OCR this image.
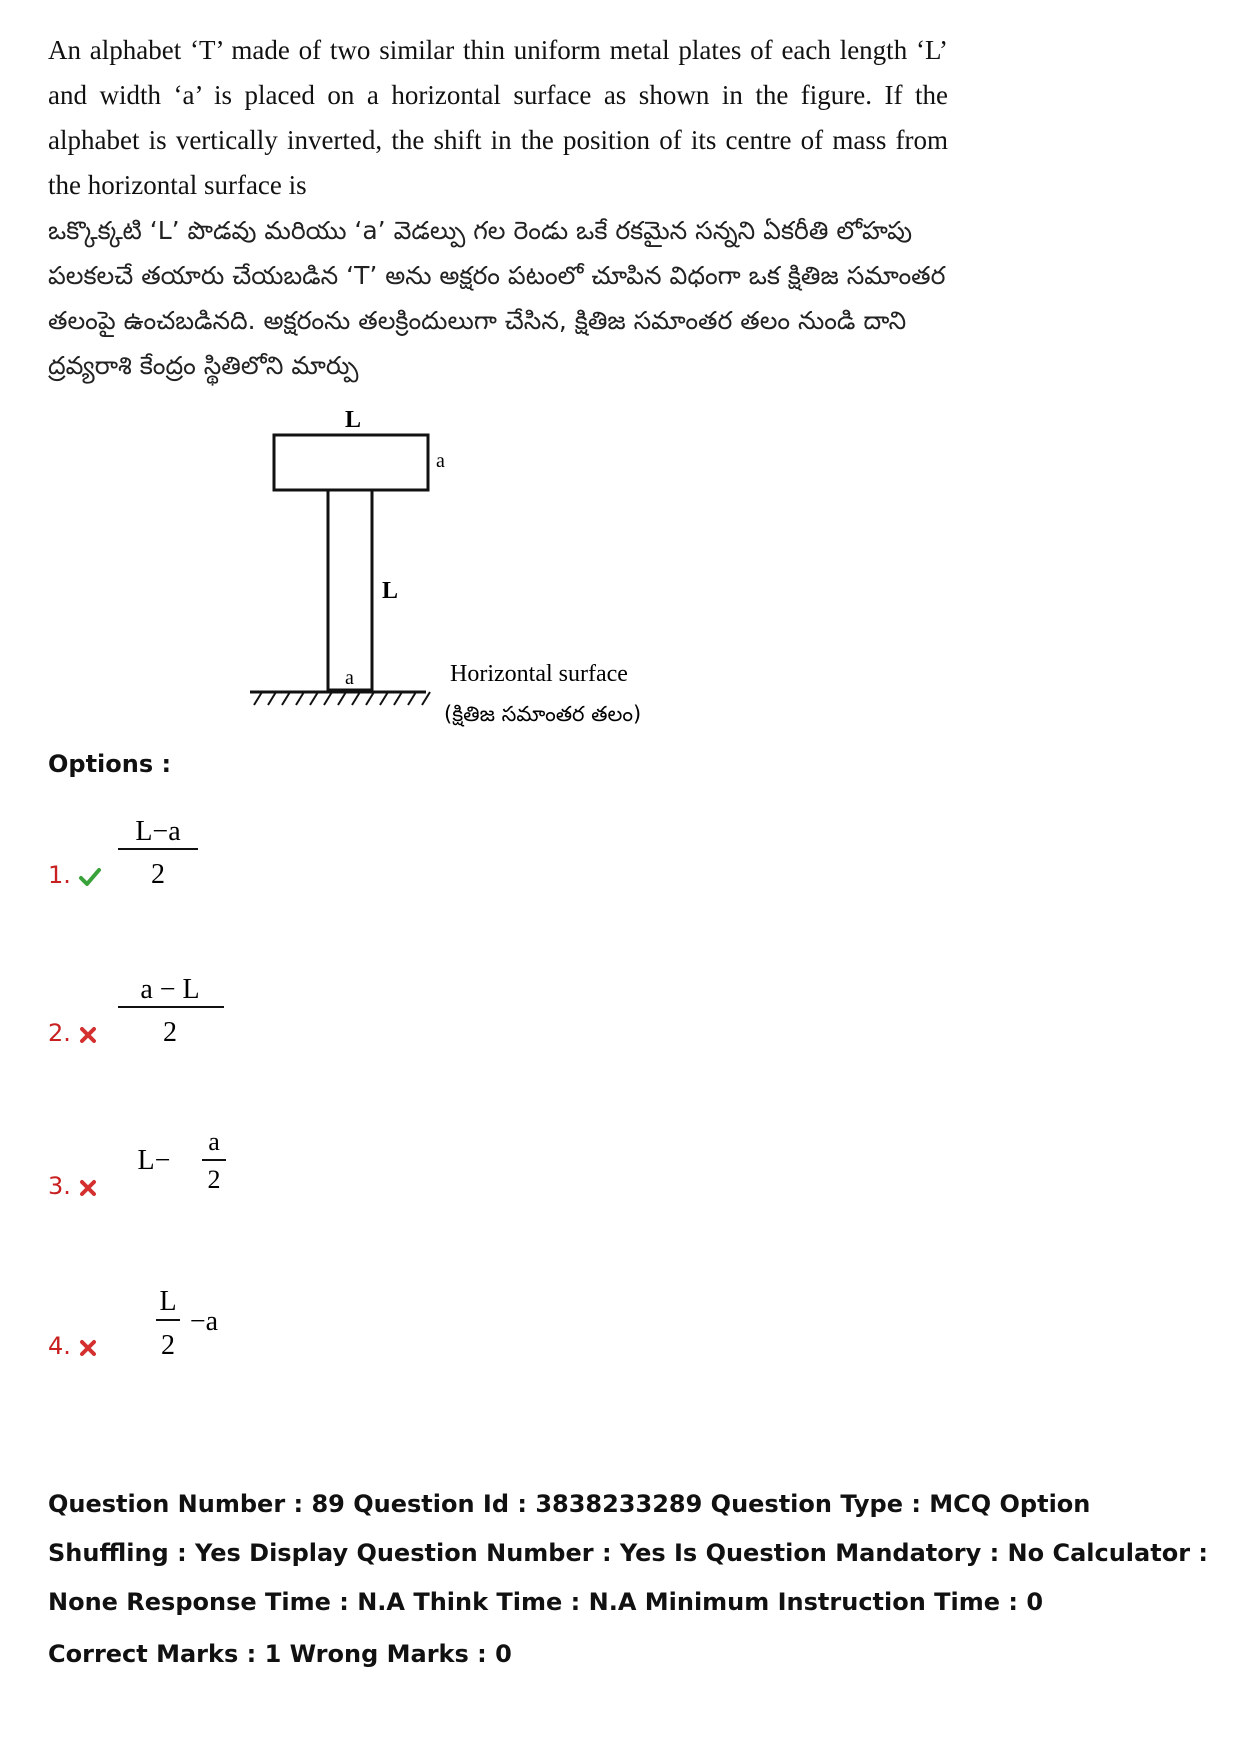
An alphabet ‘T’ made of two similar thin uniform metal plates of each length ‘L’ and width ‘a’ is placed on a horizontal surface as shown in the figure. If the alphabet is vertically inverted, the shift in the position of its centre of mass from the horizontal surface is
ఒక్కొక్కటి ‘L’ పొడవు మరియు ‘a’ వెడల్పు గల రెండు ఒకే రకమైన సన్నని ఏకరీతి లోహపు పలకలచే తయారు చేయబడిన ‘T’ అను అక్షరం పటంలో చూపిన విధంగా ఒక క్షితిజ సమాంతర తలంపై ఉంచబడినది. అక్షరంను తలక్రిందులుగా చేసిన, క్షితిజ సమాంతర తలం నుండి దాని ద్రవ్యరాశి కేంద్రం స్థితిలోని మార్పు
L
a
L
a	Horizontal surface
(క్షితిజ సమాంతర తలం)
Options :
1.
L−a
2
2.
a − L
2
3.
L−
a
2
4.
L
2
−a
Question Number : 89 Question Id : 3838233289 Question Type : MCQ Option Shuffling : Yes Display Question Number : Yes Is Question Mandatory : No Calculator : None Response Time : N.A Think Time : N.A Minimum Instruction Time : 0
Correct Marks : 1 Wrong Marks : 0
